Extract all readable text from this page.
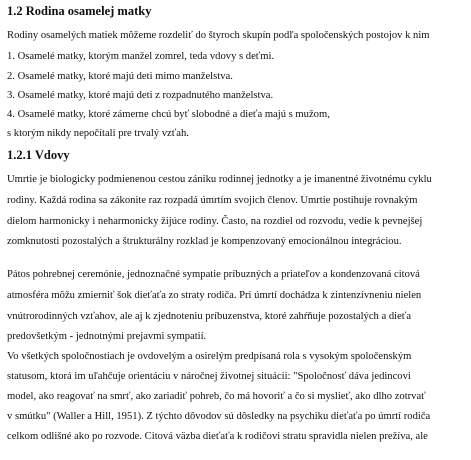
1.2 Rodina osamelej matky
Rodiny osamelých matiek môžeme rozdeliť do štyroch skupín podľa spoločenských postojov k nim
1. Osamelé matky, ktorým manžel zomrel, teda vdovy s deťmi.
2. Osamelé matky, ktoré majú deti mimo manželstva.
3. Osamelé matky, ktoré majú deti z rozpadnutého manželstva.
4. Osamelé matky, ktoré zámerne chcú byť slobodné a dieťa majú s mužom,
s ktorým nikdy nepočítali pre trvalý vzťah.
1.2.1 Vdovy
Umrtie je biologicky podmienenou cestou zániku rodinnej jednotky a je imanentné životnému cyklu
rodiny. Každá rodina sa zákonite raz rozpadá úmrtím svojich členov. Umrtie postihuje rovnakým
dielom harmonicky i neharmonicky žijúce rodiny. Často, na rozdiel od rozvodu, vedie k pevnejšej
zomknutosti pozostalých a štrukturálny rozklad je kompenzovaný emocionálnou integráciou.
Pátos pohrebnej ceremónie, jednoznačné sympatie príbuzných a priateľov a kondenzovaná citová
atmosféra môžu zmierniť šok dieťaťa zo straty rodiča. Pri úmrtí dochádza k zintenzívneniu nielen
vnútrorodinných vzťahov, ale aj k zjednoteniu príbuzenstva, ktoré zahŕňuje pozostalých a dieťa
predovšetkým - jednotnými prejavmi sympatií.
Vo všetkých spoločnostiach je ovdovelým a osirelým predpísaná rola s vysokým spoločenským
statusom, ktorá im uľahčuje orientáciu v náročnej životnej situácii: "Spoločnosť dáva jedincovi
model, ako reagovať na smrť, ako zariadiť pohreb, čo má hovoriť a čo si myslieť, ako dlho zotrvať
v smútku" (Waller a Hill, 1951). Z týchto dôvodov sú dôsledky na psychiku dieťaťa po úmrtí rodiča
celkom odlišné ako po rozvode. Citová väzba dieťaťa k rodičovi stratu spravidla nielen prežíva, ale
